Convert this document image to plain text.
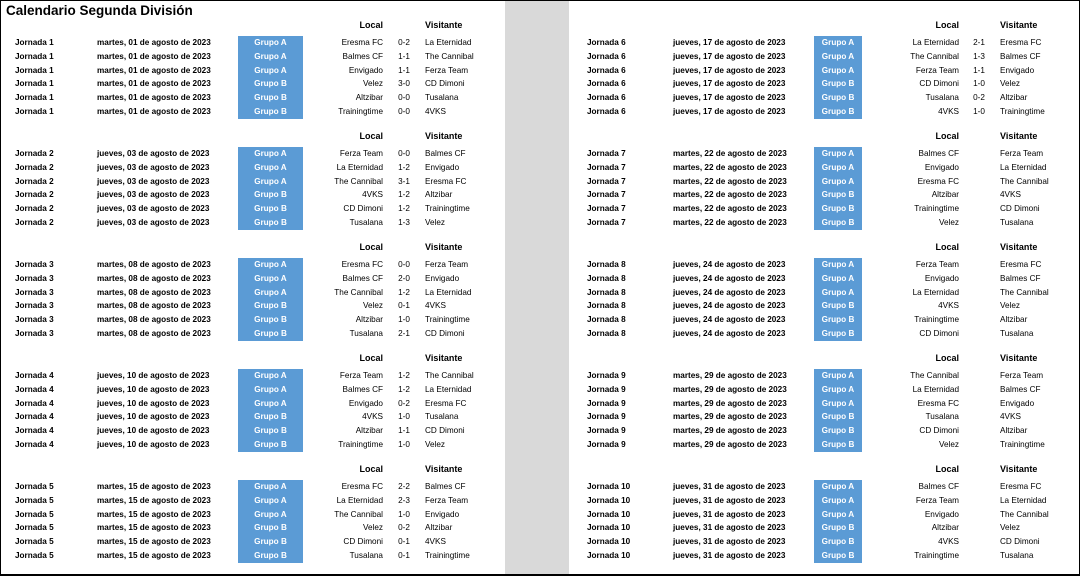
Calendario Segunda División
Local	Visitante
Jornada 1	martes, 01 de agosto de 2023	Grupo A	Eresma FC	0-2	La Eternidad
Jornada 1	martes, 01 de agosto de 2023	Grupo A	Balmes CF	1-1	The Cannibal
Jornada 1	martes, 01 de agosto de 2023	Grupo A	Envigado	1-1	Ferza Team
Jornada 1	martes, 01 de agosto de 2023	Grupo B	Velez	3-0	CD Dimoni
Jornada 1	martes, 01 de agosto de 2023	Grupo B	Altzibar	0-0	Tusalana
Jornada 1	martes, 01 de agosto de 2023	Grupo B	Trainingtime	0-0	4VKS
Local	Visitante
Jornada 2	jueves, 03 de agosto de 2023	Grupo A	Ferza Team	0-0	Balmes CF
Jornada 2	jueves, 03 de agosto de 2023	Grupo A	La Eternidad	1-2	Envigado
Jornada 2	jueves, 03 de agosto de 2023	Grupo A	The Cannibal	3-1	Eresma FC
Jornada 2	jueves, 03 de agosto de 2023	Grupo B	4VKS	1-2	Altzibar
Jornada 2	jueves, 03 de agosto de 2023	Grupo B	CD Dimoni	1-2	Trainingtime
Jornada 2	jueves, 03 de agosto de 2023	Grupo B	Tusalana	1-3	Velez
Local	Visitante
Jornada 3	martes, 08 de agosto de 2023	Grupo A	Eresma FC	0-0	Ferza Team
Jornada 3	martes, 08 de agosto de 2023	Grupo A	Balmes CF	2-0	Envigado
Jornada 3	martes, 08 de agosto de 2023	Grupo A	The Cannibal	1-2	La Eternidad
Jornada 3	martes, 08 de agosto de 2023	Grupo B	Velez	0-1	4VKS
Jornada 3	martes, 08 de agosto de 2023	Grupo B	Altzibar	1-0	Trainingtime
Jornada 3	martes, 08 de agosto de 2023	Grupo B	Tusalana	2-1	CD Dimoni
Local	Visitante
Jornada 4	jueves, 10 de agosto de 2023	Grupo A	Ferza Team	1-2	The Cannibal
Jornada 4	jueves, 10 de agosto de 2023	Grupo A	Balmes CF	1-2	La Eternidad
Jornada 4	jueves, 10 de agosto de 2023	Grupo A	Envigado	0-2	Eresma FC
Jornada 4	jueves, 10 de agosto de 2023	Grupo B	4VKS	1-0	Tusalana
Jornada 4	jueves, 10 de agosto de 2023	Grupo B	Altzibar	1-1	CD Dimoni
Jornada 4	jueves, 10 de agosto de 2023	Grupo B	Trainingtime	1-0	Velez
Local	Visitante
Jornada 5	martes, 15 de agosto de 2023	Grupo A	Eresma FC	2-2	Balmes CF
Jornada 5	martes, 15 de agosto de 2023	Grupo A	La Eternidad	2-3	Ferza Team
Jornada 5	martes, 15 de agosto de 2023	Grupo A	The Cannibal	1-0	Envigado
Jornada 5	martes, 15 de agosto de 2023	Grupo B	Velez	0-2	Altzibar
Jornada 5	martes, 15 de agosto de 2023	Grupo B	CD Dimoni	0-1	4VKS
Jornada 5	martes, 15 de agosto de 2023	Grupo B	Tusalana	0-1	Trainingtime
Local	Visitante
Jornada 6	jueves, 17 de agosto de 2023	Grupo A	La Eternidad	2-1	Eresma FC
Jornada 6	jueves, 17 de agosto de 2023	Grupo A	The Cannibal	1-3	Balmes CF
Jornada 6	jueves, 17 de agosto de 2023	Grupo A	Ferza Team	1-1	Envigado
Jornada 6	jueves, 17 de agosto de 2023	Grupo B	CD Dimoni	1-0	Velez
Jornada 6	jueves, 17 de agosto de 2023	Grupo B	Tusalana	0-2	Altzibar
Jornada 6	jueves, 17 de agosto de 2023	Grupo B	4VKS	1-0	Trainingtime
Local	Visitante
Jornada 7	martes, 22 de agosto de 2023	Grupo A	Balmes CF	Ferza Team
Jornada 7	martes, 22 de agosto de 2023	Grupo A	Envigado	La Eternidad
Jornada 7	martes, 22 de agosto de 2023	Grupo A	Eresma FC	The Cannibal
Jornada 7	martes, 22 de agosto de 2023	Grupo B	Altzibar	4VKS
Jornada 7	martes, 22 de agosto de 2023	Grupo B	Trainingtime	CD Dimoni
Jornada 7	martes, 22 de agosto de 2023	Grupo B	Velez	Tusalana
Local	Visitante
Jornada 8	jueves, 24 de agosto de 2023	Grupo A	Ferza Team	Eresma FC
Jornada 8	jueves, 24 de agosto de 2023	Grupo A	Envigado	Balmes CF
Jornada 8	jueves, 24 de agosto de 2023	Grupo A	La Eternidad	The Cannibal
Jornada 8	jueves, 24 de agosto de 2023	Grupo B	4VKS	Velez
Jornada 8	jueves, 24 de agosto de 2023	Grupo B	Trainingtime	Altzibar
Jornada 8	jueves, 24 de agosto de 2023	Grupo B	CD Dimoni	Tusalana
Local	Visitante
Jornada 9	martes, 29 de agosto de 2023	Grupo A	The Cannibal	Ferza Team
Jornada 9	martes, 29 de agosto de 2023	Grupo A	La Eternidad	Balmes CF
Jornada 9	martes, 29 de agosto de 2023	Grupo A	Eresma FC	Envigado
Jornada 9	martes, 29 de agosto de 2023	Grupo B	Tusalana	4VKS
Jornada 9	martes, 29 de agosto de 2023	Grupo B	CD Dimoni	Altzibar
Jornada 9	martes, 29 de agosto de 2023	Grupo B	Velez	Trainingtime
Local	Visitante
Jornada 10	jueves, 31 de agosto de 2023	Grupo A	Balmes CF	Eresma FC
Jornada 10	jueves, 31 de agosto de 2023	Grupo A	Ferza Team	La Eternidad
Jornada 10	jueves, 31 de agosto de 2023	Grupo A	Envigado	The Cannibal
Jornada 10	jueves, 31 de agosto de 2023	Grupo B	Altzibar	Velez
Jornada 10	jueves, 31 de agosto de 2023	Grupo B	4VKS	CD Dimoni
Jornada 10	jueves, 31 de agosto de 2023	Grupo B	Trainingtime	Tusalana
